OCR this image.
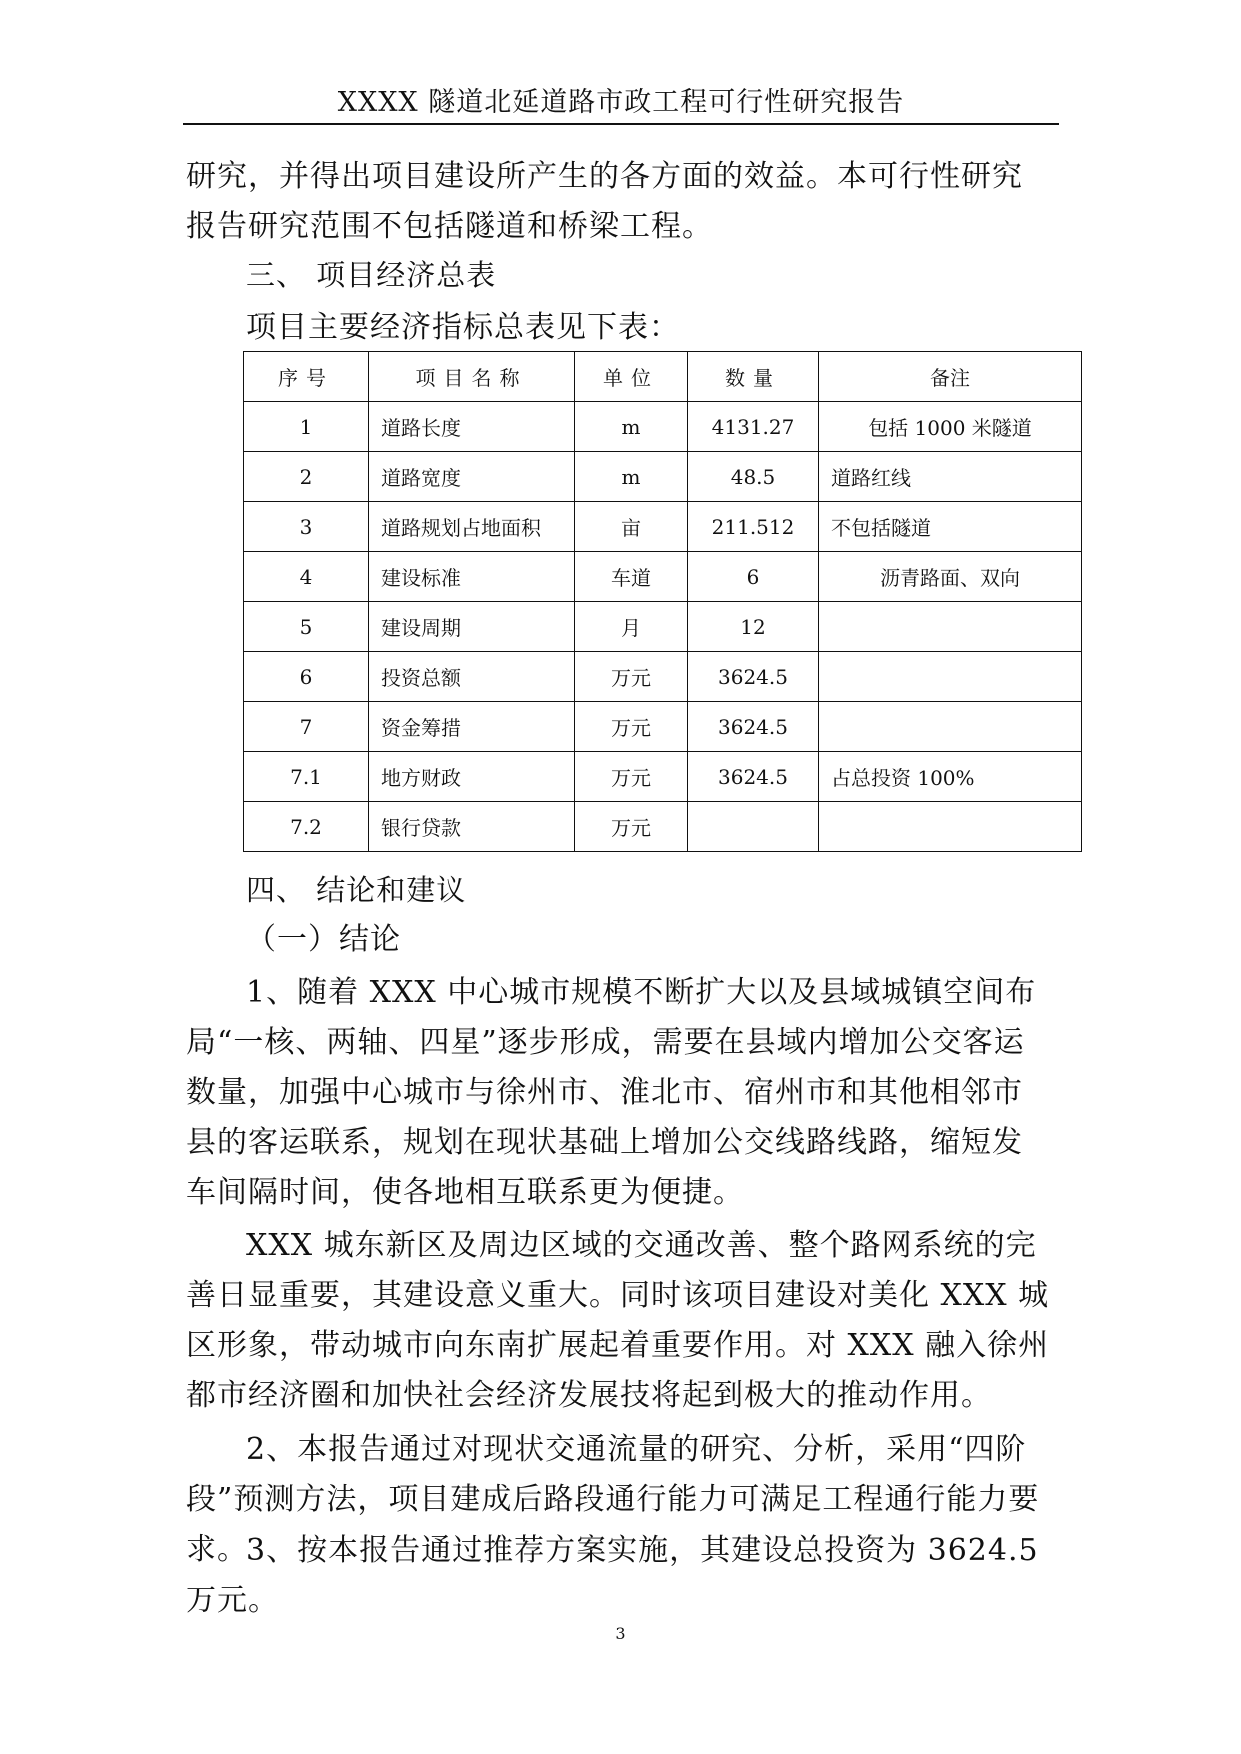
XXXX 隧道北延道路市政工程可行性研究报告

研究，并得出项目建设所产生的各方面的效益。本可行性研究报告研究范围不包括隧道和桥梁工程。

三、 项目经济总表
项目主要经济指标总表见下表：
序号	项目名称	单位	数量	备注
1	道路长度	m	4131.27	包括 1000 米隧道
2	道路宽度	m	48.5	道路红线
3	道路规划占地面积	亩	211.512	不包括隧道
4	建设标准	车道	6	沥青路面、双向
5	建设周期	月	12	
6	投资总额	万元	3624.5	
7	资金筹措	万元	3624.5	
7.1	地方财政	万元	3624.5	占总投资 100%
7.2	银行贷款	万元		
四、 结论和建议
（一）结论

1、随着 XXX 中心城市规模不断扩大以及县域城镇空间布局“一核、两轴、四星”逐步形成，需要在县域内增加公交客运数量，加强中心城市与徐州市、淮北市、宿州市和其他相邻市县的客运联系，规划在现状基础上增加公交线路线路，缩短发车间隔时间，使各地相互联系更为便捷。

XXX 城东新区及周边区域的交通改善、整个路网系统的完善日显重要，其建设意义重大。同时该项目建设对美化 XXX 城区形象，带动城市向东南扩展起着重要作用。对 XXX 融入徐州都市经济圈和加快社会经济发展技将起到极大的推动作用。

2、本报告通过对现状交通流量的研究、分析，采用“四阶段”预测方法，项目建成后路段通行能力可满足工程通行能力要求。

3、按本报告通过推荐方案实施，其建设总投资为 3624.5 万元。

3
